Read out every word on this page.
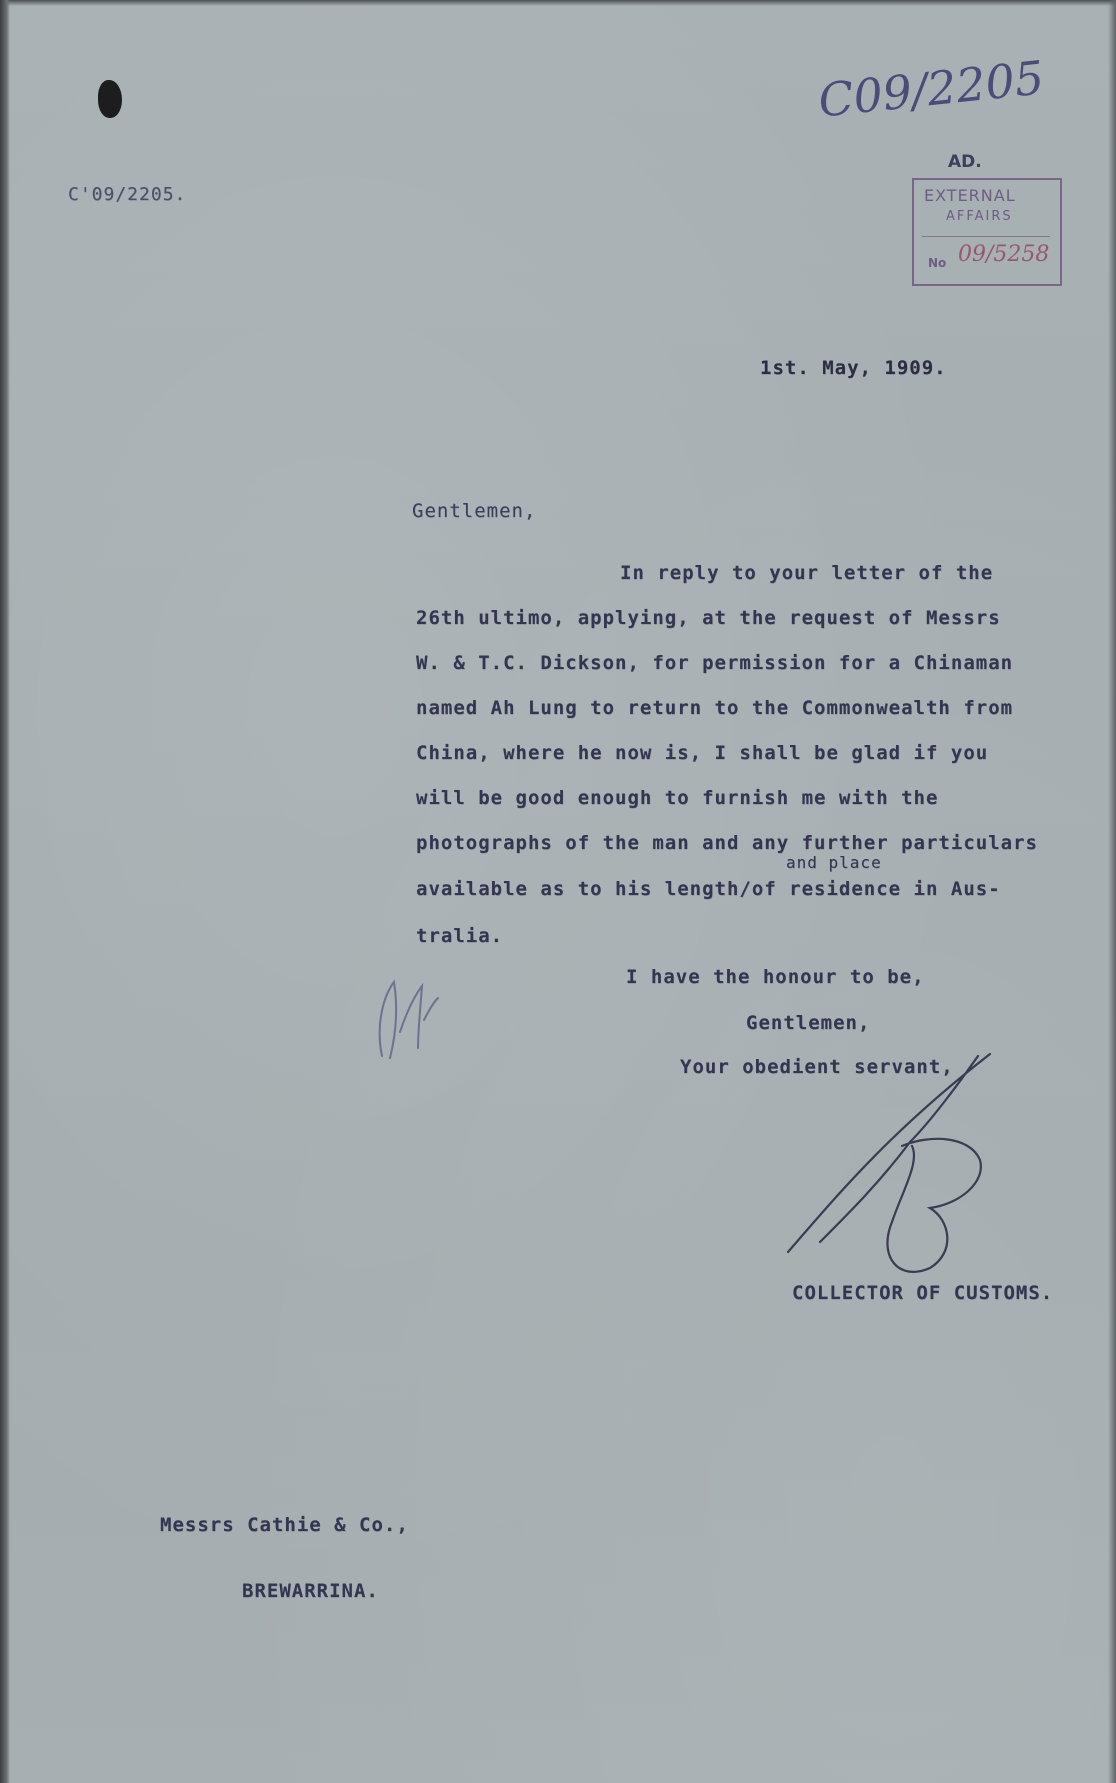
C'09/2205.
C09/2205
AD.
EXTERNAL
AFFAIRS
No 09/5258
1st. May, 1909.
Gentlemen,
In reply to your letter of the
26th ultimo, applying, at the request of Messrs
W. & T.C. Dickson, for permission for a Chinaman
named Ah Lung to return to the Commonwealth from
China, where he now is, I shall be glad if you
will be good enough to furnish me with the
photographs of the man and any further particulars
and place
available as to his length/of residence in Aus-
tralia.
I have the honour to be,
Gentlemen,
Your obedient servant,
COLLECTOR OF CUSTOMS.
Messrs Cathie & Co.,
BREWARRINA.
